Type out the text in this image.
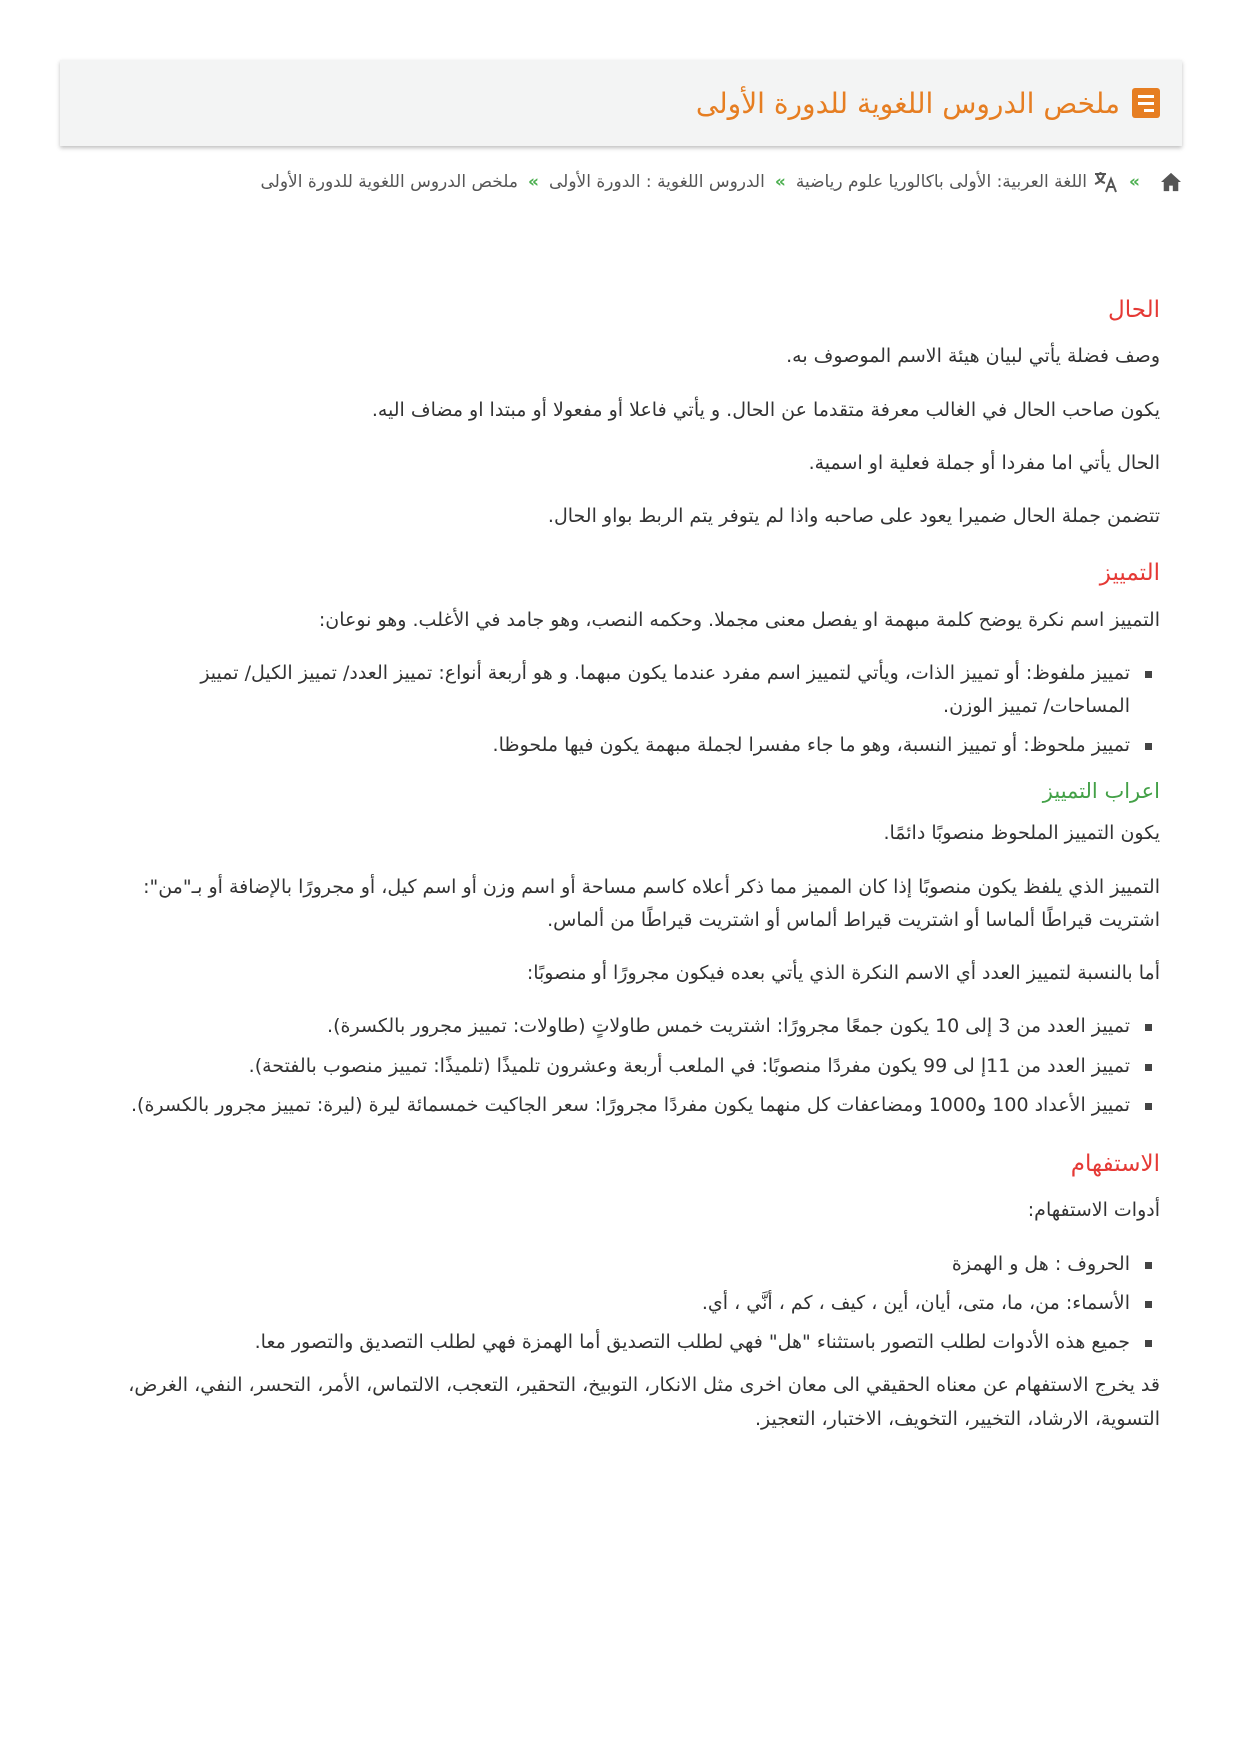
ملخص الدروس اللغوية للدورة الأولى
»
اللغة العربية: الأولى باكالوريا علوم رياضية
»
الدروس اللغوية : الدورة الأولى
»
ملخص الدروس اللغوية للدورة الأولى
الحال

وصف فضلة يأتي لبيان هيئة الاسم الموصوف به.

يكون صاحب الحال في الغالب معرفة متقدما عن الحال. و يأتي فاعلا أو مفعولا أو مبتدا او مضاف اليه.

الحال يأتي اما مفردا أو جملة فعلية او اسمية.

تتضمن جملة الحال ضميرا يعود على صاحبه واذا لم يتوفر يتم الربط بواو الحال.

التمييز

التمييز اسم نكرة يوضح كلمة مبهمة او يفصل معنى مجملا. وحكمه النصب، وهو جامد في الأغلب. وهو نوعان:

تمييز ملفوظ: أو تمييز الذات، ويأتي لتمييز اسم مفرد عندما يكون مبهما. و هو أربعة أنواع: تمييز العدد/ تمييز الكيل/ تمييز المساحات/ تمييز الوزن.
تمييز ملحوظ: أو تمييز النسبة، وهو ما جاء مفسرا لجملة مبهمة يكون فيها ملحوظا.
اعراب التمييز

يكون التمييز الملحوظ منصوبًا دائمًا.

التمييز الذي يلفظ يكون منصوبًا إذا كان المميز مما ذكر أعلاه كاسم مساحة أو اسم وزن أو اسم كيل، أو مجرورًا بالإضافة أو بـ"من": اشتريت قيراطًا ألماسا أو اشتريت قيراط ألماس أو اشتريت قيراطًا من ألماس.

أما بالنسبة لتمييز العدد أي الاسم النكرة الذي يأتي بعده فيكون مجرورًا أو منصوبًا:

تمييز العدد من 3 إلى 10 يكون جمعًا مجرورًا: اشتريت خمس طاولاتٍ (طاولات: تمييز مجرور بالكسرة).
تمييز العدد من 11إ لى 99 يكون مفردًا منصوبًا: في الملعب أربعة وعشرون تلميذًا (تلميذًا: تمييز منصوب بالفتحة).
تمييز الأعداد 100 و1000 ومضاعفات كل منهما يكون مفردًا مجرورًا: سعر الجاكيت خمسمائة ليرة (ليرة: تمييز مجرور بالكسرة).
الاستفهام

أدوات الاستفهام:

الحروف : هل و الهمزة
الأسماء: من، ما، متى، أيان، أين ، كيف ، كم ، أنَّي ، أي.
جميع هذه الأدوات لطلب التصور باستثناء "هل" فهي لطلب التصديق أما الهمزة فهي لطلب التصديق والتصور معا.

قد يخرج الاستفهام عن معناه الحقيقي الى معان اخرى مثل الانكار، التوبيخ، التحقير، التعجب، الالتماس، الأمر، التحسر، النفي، الغرض، التسوية، الارشاد، التخيير، التخويف، الاختبار، التعجيز.
